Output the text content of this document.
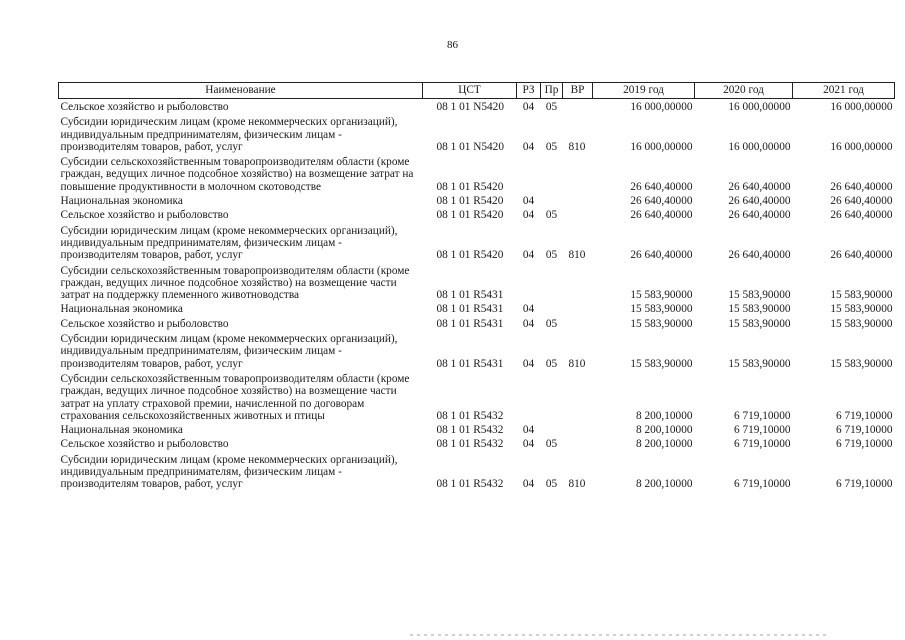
86
Наименование	ЦСТ	РЗ	Пр	ВР	2019 год	2020 год	2021 год
Сельское хозяйство и рыболовство	08 1 01 N5420	04	05		16 000,00000	16 000,00000	16 000,00000
Субсидии юридическим лицам (кроме некоммерческих организаций), индивидуальным предпринимателям, физическим лицам - производителям товаров, работ, услуг	08 1 01 N5420	04	05	810	16 000,00000	16 000,00000	16 000,00000
Субсидии сельскохозяйственным товаропроизводителям области (кроме граждан, ведущих личное подсобное хозяйство) на возмещение затрат на повышение продуктивности в молочном скотоводстве	08 1 01 R5420				26 640,40000	26 640,40000	26 640,40000
Национальная экономика	08 1 01 R5420	04			26 640,40000	26 640,40000	26 640,40000
Сельское хозяйство и рыболовство	08 1 01 R5420	04	05		26 640,40000	26 640,40000	26 640,40000
Субсидии юридическим лицам (кроме некоммерческих организаций), индивидуальным предпринимателям, физическим лицам - производителям товаров, работ, услуг	08 1 01 R5420	04	05	810	26 640,40000	26 640,40000	26 640,40000
Субсидии сельскохозяйственным товаропроизводителям области (кроме граждан, ведущих личное подсобное хозяйство) на возмещение части затрат на поддержку племенного животноводства	08 1 01 R5431				15 583,90000	15 583,90000	15 583,90000
Национальная экономика	08 1 01 R5431	04			15 583,90000	15 583,90000	15 583,90000
Сельское хозяйство и рыболовство	08 1 01 R5431	04	05		15 583,90000	15 583,90000	15 583,90000
Субсидии юридическим лицам (кроме некоммерческих организаций), индивидуальным предпринимателям, физическим лицам - производителям товаров, работ, услуг	08 1 01 R5431	04	05	810	15 583,90000	15 583,90000	15 583,90000
Субсидии сельскохозяйственным товаропроизводителям области (кроме граждан, ведущих личное подсобное хозяйство) на возмещение части затрат на уплату страховой премии, начисленной по договорам страхования сельскохозяйственных животных и птицы	08 1 01 R5432				8 200,10000	6 719,10000	6 719,10000
Национальная экономика	08 1 01 R5432	04			8 200,10000	6 719,10000	6 719,10000
Сельское хозяйство и рыболовство	08 1 01 R5432	04	05		8 200,10000	6 719,10000	6 719,10000
Субсидии юридическим лицам (кроме некоммерческих организаций), индивидуальным предпринимателям, физическим лицам - производителям товаров, работ, услуг	08 1 01 R5432	04	05	810	8 200,10000	6 719,10000	6 719,10000
